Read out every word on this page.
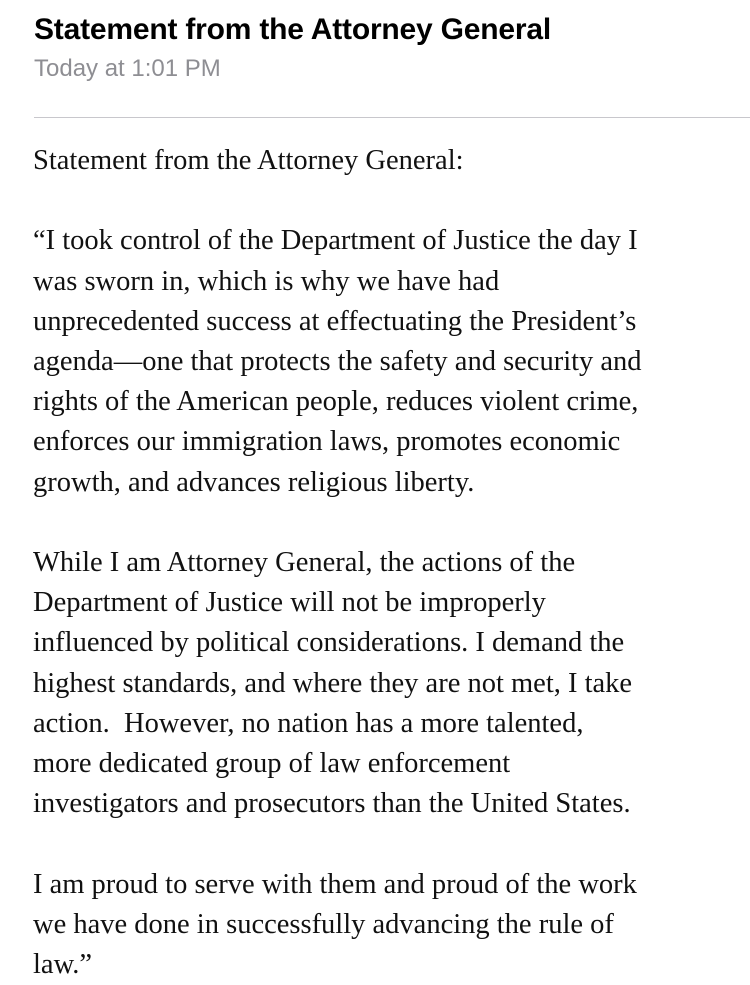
Statement from the Attorney General
Today at 1:01 PM

Statement from the Attorney General:

“I took control of the Department of Justice the day I
was sworn in, which is why we have had
unprecedented success at effectuating the President’s
agenda—one that protects the safety and security and
rights of the American people, reduces violent crime,
enforces our immigration laws, promotes economic
growth, and advances religious liberty.

While I am Attorney General, the actions of the
Department of Justice will not be improperly
influenced by political considerations. I demand the
highest standards, and where they are not met, I take
action.  However, no nation has a more talented,
more dedicated group of law enforcement
investigators and prosecutors than the United States.

I am proud to serve with them and proud of the work
we have done in successfully advancing the rule of
law.”
